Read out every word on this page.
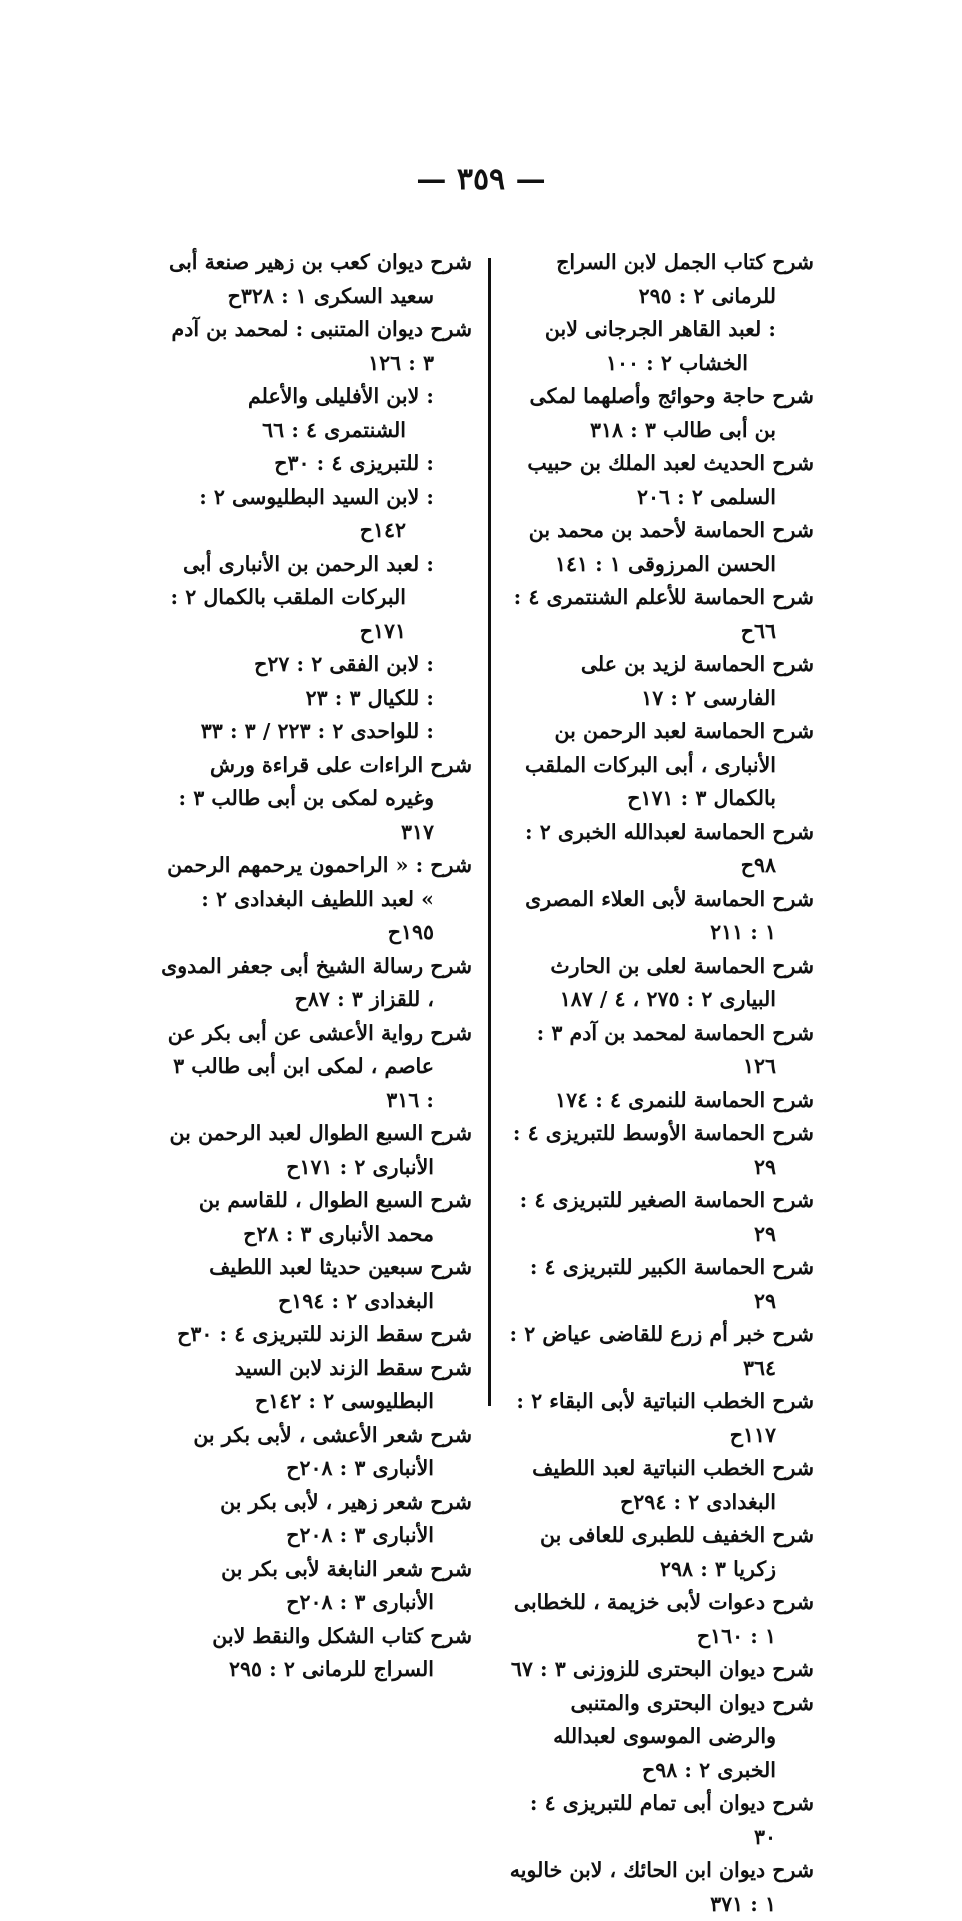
— ٣٥٩ —

شرح كتاب الجمل لابن السراج للرمانى ٢ : ٢٩٥

: لعبد القاهر الجرجانى لابن الخشاب ٢ : ١٠٠

شرح حاجة وحوائج وأصلهما لمكى بن أبى طالب ٣ : ٣١٨

شرح الحديث لعبد الملك بن حبيب السلمى ٢ : ٢٠٦

شرح الحماسة لأحمد بن محمد بن الحسن المرزوقى ١ : ١٤١

شرح الحماسة للأعلم الشنتمرى ٤ : ٦٦ح

شرح الحماسة لزيد بن على الفارسى ٢ : ١٧

شرح الحماسة لعبد الرحمن بن الأنبارى ، أبى البركات الملقب بالكمال ٣ : ١٧١ح

شرح الحماسة لعبدالله الخبرى ٢ : ٩٨ح

شرح الحماسة لأبى العلاء المصرى ١ : ٢١١

شرح الحماسة لعلى بن الحارث البيارى ٢ : ٢٧٥ ، ٤ / ١٨٧

شرح الحماسة لمحمد بن آدم ٣ : ١٢٦

شرح الحماسة للنمرى ٤ : ١٧٤

شرح الحماسة الأوسط للتبريزى ٤ : ٢٩

شرح الحماسة الصغير للتبريزى ٤ : ٢٩

شرح الحماسة الكبير للتبريزى ٤ : ٢٩

شرح خبر أم زرع للقاضى عياض ٢ : ٣٦٤

شرح الخطب النباتية لأبى البقاء ٢ : ١١٧ح

شرح الخطب النباتية لعبد اللطيف البغدادى ٢ : ٢٩٤ح

شرح الخفيف للطبرى للعافى بن زكريا ٣ : ٢٩٨

شرح دعوات لأبى خزيمة ، للخطابى ١ : ١٦٠ح

شرح ديوان البحترى للزوزنى ٣ : ٦٧

شرح ديوان البحترى والمتنبى والرضى الموسوى لعبدالله الخبرى ٢ : ٩٨ح

شرح ديوان أبى تمام للتبريزى ٤ : ٣٠

شرح ديوان ابن الحائك ، لابن خالويه ١ : ٣٧١

شرح ديوان كعب بن زهير صنعة أبى سعيد السكرى ١ : ٣٢٨ح

شرح ديوان المتنبى : لمحمد بن آدم ٣ : ١٢٦

: لابن الأفليلى والأعلم الشنتمرى ٤ : ٦٦

: للتبريزى ٤ : ٣٠ح

: لابن السيد البطليوسى ٢ : ١٤٢ح

: لعبد الرحمن بن الأنبارى أبى البركات الملقب بالكمال ٢ : ١٧١ح

: لابن الفقى ٢ : ٢٧ح

: للكيال ٣ : ٢٣

: للواحدى ٢ : ٢٢٣ / ٣ : ٣٣

شرح الراءات على قراءة ورش وغيره لمكى بن أبى طالب ٣ : ٣١٧

شرح : « الراحمون يرحمهم الرحمن » لعبد اللطيف البغدادى ٢ : ١٩٥ح

شرح رسالة الشيخ أبى جعفر المدوى ، للقزاز ٣ : ٨٧ح

شرح رواية الأعشى عن أبى بكر عن عاصم ، لمكى ابن أبى طالب ٣ : ٣١٦

شرح السبع الطوال لعبد الرحمن بن الأنبارى ٢ : ١٧١ح

شرح السبع الطوال ، للقاسم بن محمد الأنبارى ٣ : ٢٨ح

شرح سبعين حديثا لعبد اللطيف البغدادى ٢ : ١٩٤ح

شرح سقط الزند للتبريزى ٤ : ٣٠ح

شرح سقط الزند لابن السيد البطليوسى ٢ : ١٤٢ح

شرح شعر الأعشى ، لأبى بكر بن الأنبارى ٣ : ٢٠٨ح

شرح شعر زهير ، لأبى بكر بن الأنبارى ٣ : ٢٠٨ح

شرح شعر النابغة لأبى بكر بن الأنبارى ٣ : ٢٠٨ح

شرح كتاب الشكل والنقط لابن السراج للرمانى ٢ : ٢٩٥
